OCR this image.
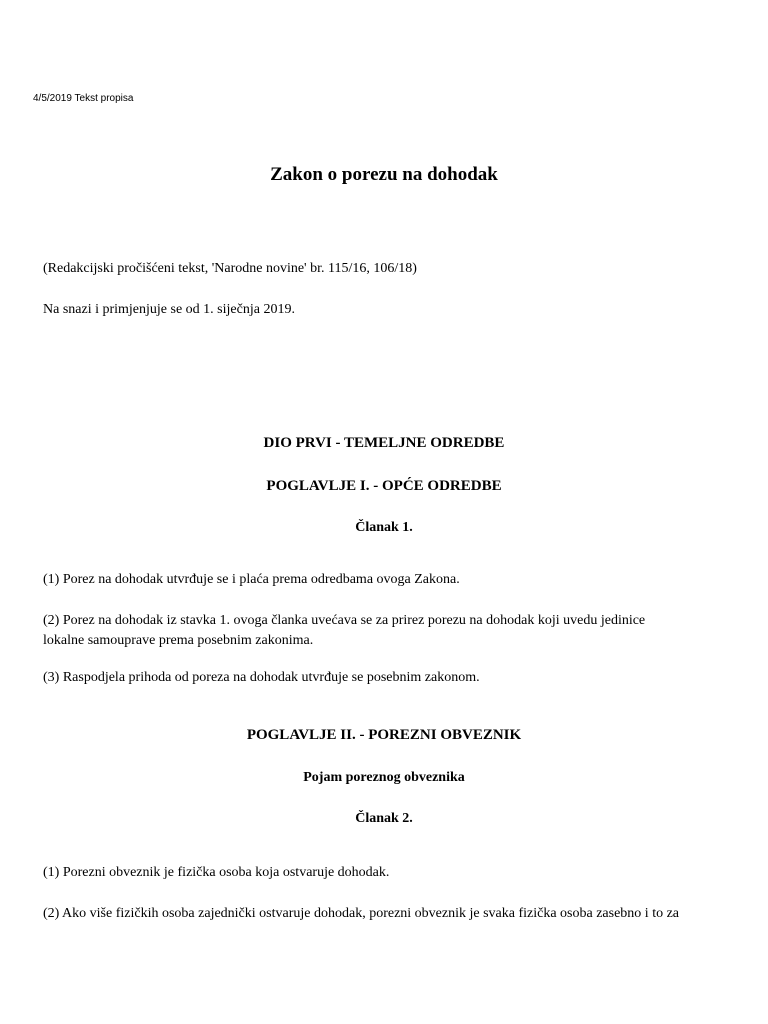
4/5/2019 Tekst propisa
Zakon o porezu na dohodak

(Redakcijski pročišćeni tekst, 'Narodne novine' br. 115/16, 106/18)

Na snazi i primjenjuje se od 1. siječnja 2019.

DIO PRVI - TEMELJNE ODREDBE
POGLAVLJE I. - OPĆE ODREDBE
Članak 1.

(1) Porez na dohodak utvrđuje se i plaća prema odredbama ovoga Zakona.

(2) Porez na dohodak iz stavka 1. ovoga članka uvećava se za prirez porezu na dohodak koji uvedu jedinice lokalne samouprave prema posebnim zakonima.

(3) Raspodjela prihoda od poreza na dohodak utvrđuje se posebnim zakonom.

POGLAVLJE II. - POREZNI OBVEZNIK
Pojam poreznog obveznika
Članak 2.

(1) Porezni obveznik je fizička osoba koja ostvaruje dohodak.

(2) Ako više fizičkih osoba zajednički ostvaruje dohodak, porezni obveznik je svaka fizička osoba zasebno i to za
